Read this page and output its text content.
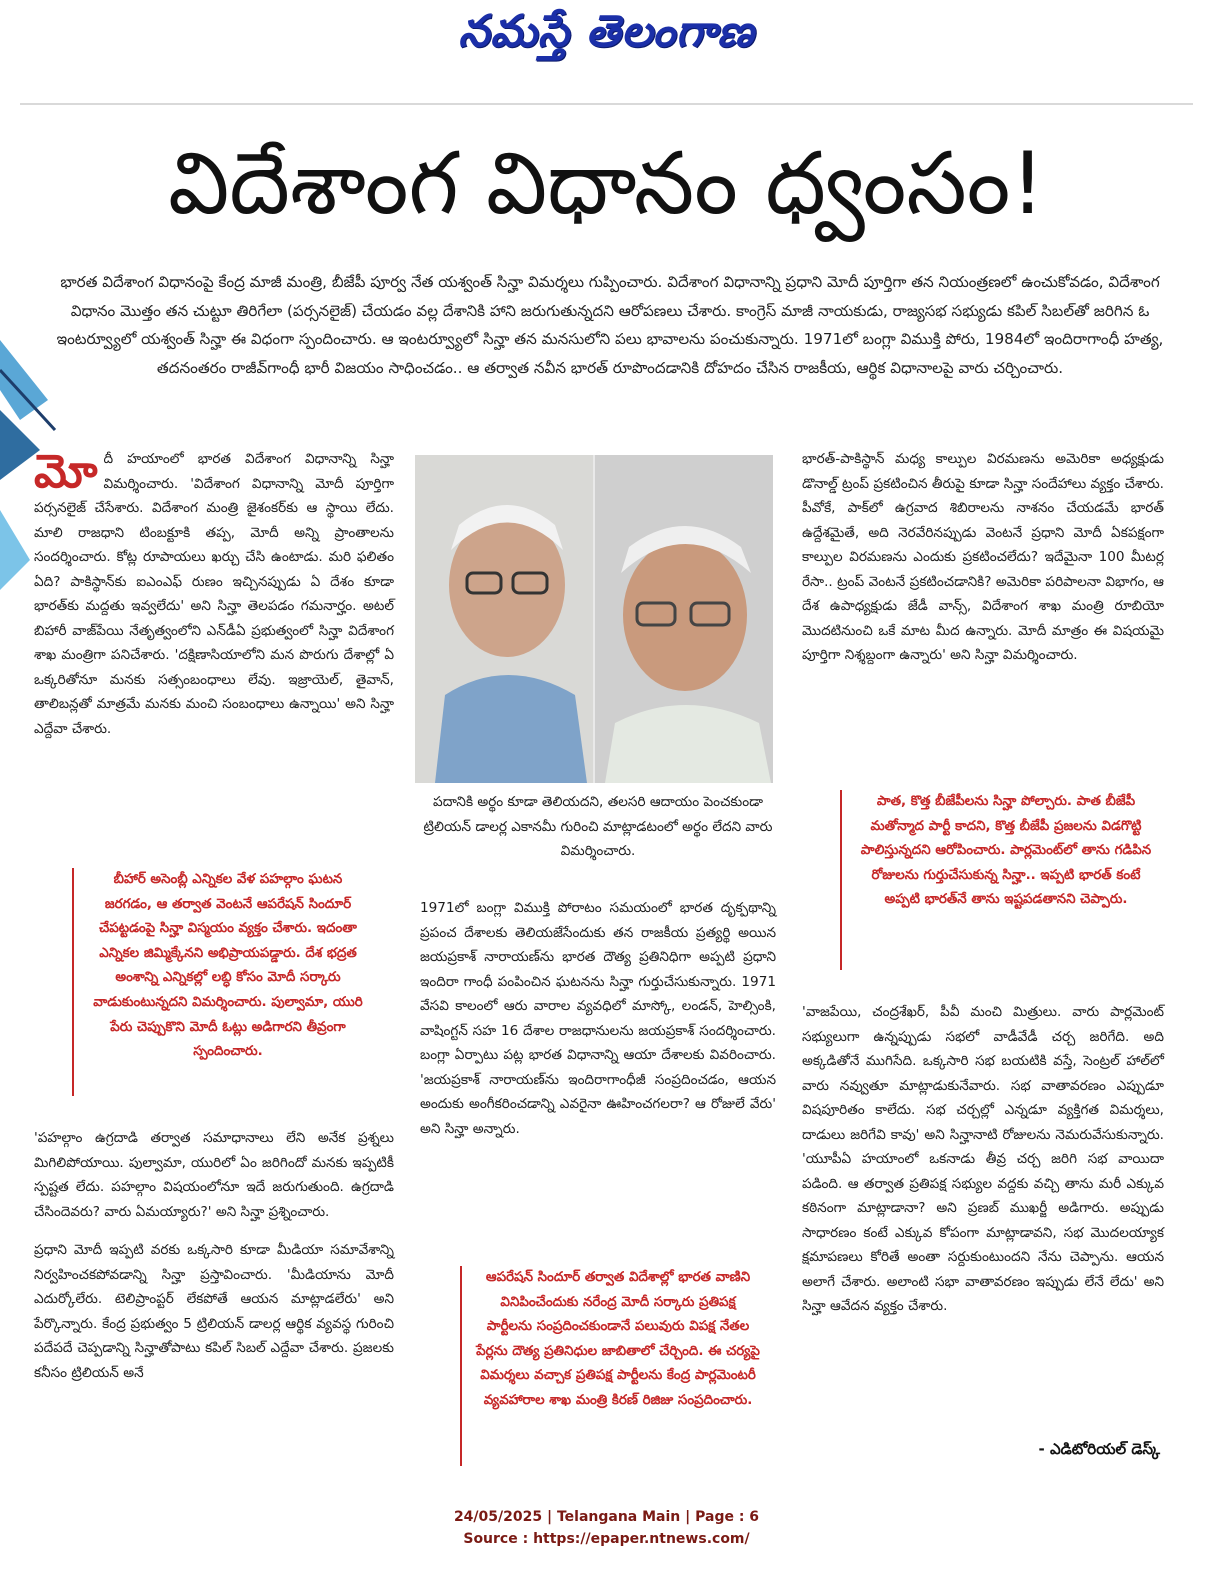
నమస్తే తెలంగాణ
విదేశాంగ విధానం ధ్వంసం!
భారత విదేశాంగ విధానంపై కేంద్ర మాజీ మంత్రి, బీజేపీ పూర్వ నేత యశ్వంత్ సిన్హా విమర్శలు గుప్పించారు. విదేశాంగ విధానాన్ని ప్రధాని మోదీ పూర్తిగా తన నియంత్రణలో ఉంచుకోవడం, విదేశాంగ విధానం మొత్తం తన చుట్టూ తిరిగేలా (పర్సనలైజ్) చేయడం వల్ల దేశానికి హాని జరుగుతున్నదని ఆరోపణలు చేశారు. కాంగ్రెస్ మాజీ నాయకుడు, రాజ్యసభ సభ్యుడు కపిల్ సిబల్‌తో జరిగిన ఓ ఇంటర్వ్యూలో యశ్వంత్ సిన్హా ఈ విధంగా స్పందించారు. ఆ ఇంటర్వ్యూలో సిన్హా తన మనసులోని పలు భావాలను పంచుకున్నారు. 1971లో బంగ్లా విముక్తి పోరు, 1984లో ఇందిరాగాంధీ హత్య, తదనంతరం రాజీవ్‌గాంధీ భారీ విజయం సాధించడం.. ఆ తర్వాత నవీన భారత్ రూపొందడానికి దోహదం చేసిన రాజకీయ, ఆర్థిక విధానాలపై వారు చర్చించారు.

మోదీ హయాంలో భారత విదేశాంగ విధానాన్ని సిన్హా విమర్శించారు. 'విదేశాంగ విధానాన్ని మోదీ పూర్తిగా పర్సనలైజ్ చేసేశారు. విదేశాంగ మంత్రి జైశంకర్‌కు ఆ స్థాయి లేదు. మాలి రాజధాని టింబక్టూకి తప్ప, మోదీ అన్ని ప్రాంతాలను సందర్శించారు. కోట్ల రూపాయలు ఖర్చు చేసి ఉంటాడు. మరి ఫలితం ఏది? పాకిస్థాన్‌కు ఐఎంఎఫ్ రుణం ఇచ్చినప్పుడు ఏ దేశం కూడా భారత్‌కు మద్దతు ఇవ్వలేదు' అని సిన్హా తెలపడం గమనార్హం. అటల్ బిహారీ వాజ్‌పేయి నేతృత్వంలోని ఎన్‌డీఏ ప్రభుత్వంలో సిన్హా విదేశాంగ శాఖ మంత్రిగా పనిచేశారు. 'దక్షిణాసియాలోని మన పొరుగు దేశాల్లో ఏ ఒక్కరితోనూ మనకు సత్సంబంధాలు లేవు. ఇజ్రాయెల్, తైవాన్, తాలిబన్లతో మాత్రమే మనకు మంచి సంబంధాలు ఉన్నాయి' అని సిన్హా ఎద్దేవా చేశారు.

బీహార్ అసెంబ్లీ ఎన్నికల వేళ పహల్గాం ఘటన జరగడం, ఆ తర్వాత వెంటనే ఆపరేషన్ సిందూర్ చేపట్టడంపై సిన్హా విస్మయం వ్యక్తం చేశారు. ఇదంతా ఎన్నికల జిమ్మిక్కేనని అభిప్రాయపడ్డారు. దేశ భద్రత అంశాన్ని ఎన్నికల్లో లబ్ధి కోసం మోదీ సర్కారు వాడుకుంటున్నదని విమర్శించారు. పుల్వామా, యురి పేరు చెప్పుకొని మోదీ ఓట్లు అడిగారని తీవ్రంగా స్పందించారు.

'పహల్గాం ఉగ్రదాడి తర్వాత సమాధానాలు లేని అనేక ప్రశ్నలు మిగిలిపోయాయి. పుల్వామా, యురిలో ఏం జరిగిందో మనకు ఇప్పటికీ స్పష్టత లేదు. పహల్గాం విషయంలోనూ ఇదే జరుగుతుంది. ఉగ్రదాడి చేసిందెవరు? వారు ఏమయ్యారు?' అని సిన్హా ప్రశ్నించారు.

ప్రధాని మోదీ ఇప్పటి వరకు ఒక్కసారి కూడా మీడియా సమావేశాన్ని నిర్వహించకపోవడాన్ని సిన్హా ప్రస్తావించారు. 'మీడియాను మోదీ ఎదుర్కోలేరు. టెలిప్రాంప్టర్ లేకపోతే ఆయన మాట్లాడలేరు' అని పేర్కొన్నారు. కేంద్ర ప్రభుత్వం 5 ట్రిలియన్ డాలర్ల ఆర్థిక వ్యవస్థ గురించి పదేపదే చెప్పడాన్ని సిన్హాతోపాటు కపిల్ సిబల్ ఎద్దేవా చేశారు. ప్రజలకు కనీసం ట్రిలియన్ అనే

పదానికి అర్థం కూడా తెలియదని, తలసరి ఆదాయం పెంచకుండా ట్రిలియన్ డాలర్ల ఎకానమీ గురించి మాట్లాడటంలో అర్థం లేదని వారు విమర్శించారు.

1971లో బంగ్లా విముక్తి పోరాటం సమయంలో భారత దృక్పథాన్ని ప్రపంచ దేశాలకు తెలియజేసేందుకు తన రాజకీయ ప్రత్యర్థి అయిన జయప్రకాశ్ నారాయణ్‌ను భారత దౌత్య ప్రతినిధిగా అప్పటి ప్రధాని ఇందిరా గాంధీ పంపించిన ఘటనను సిన్హా గుర్తుచేసుకున్నారు. 1971 వేసవి కాలంలో ఆరు వారాల వ్యవధిలో మాస్కో, లండన్, హెల్సింకి, వాషింగ్టన్ సహ 16 దేశాల రాజధానులను జయప్రకాశ్ సందర్శించారు. బంగ్లా ఏర్పాటు పట్ల భారత విధానాన్ని ఆయా దేశాలకు వివరించారు. 'జయప్రకాశ్ నారాయణ్‌ను ఇందిరాగాంధీజీ సంప్రదించడం, ఆయన అందుకు అంగీకరించడాన్ని ఎవరైనా ఊహించగలరా? ఆ రోజులే వేరు' అని సిన్హా అన్నారు.

ఆపరేషన్ సిందూర్ తర్వాత విదేశాల్లో భారత వాణిని వినిపించేందుకు నరేంద్ర మోదీ సర్కారు ప్రతిపక్ష పార్టీలను సంప్రదించకుండానే పలువురు విపక్ష నేతల పేర్లను దౌత్య ప్రతినిధుల జాబితాలో చేర్చింది. ఈ చర్యపై విమర్శలు వచ్చాక ప్రతిపక్ష పార్టీలను కేంద్ర పార్లమెంటరీ వ్యవహారాల శాఖ మంత్రి కిరణ్ రిజిజు సంప్రదించారు.

భారత్-పాకిస్థాన్ మధ్య కాల్పుల విరమణను అమెరికా అధ్యక్షుడు డొనాల్డ్ ట్రంప్ ప్రకటించిన తీరుపై కూడా సిన్హా సందేహాలు వ్యక్తం చేశారు. పీవోకే, పాక్‌లో ఉగ్రవాద శిబిరాలను నాశనం చేయడమే భారత్ ఉద్దేశమైతే, అది నెరవేరినప్పుడు వెంటనే ప్రధాని మోదీ ఏకపక్షంగా కాల్పుల విరమణను ఎందుకు ప్రకటించలేదు? ఇదేమైనా 100 మీటర్ల రేసా.. ట్రంప్ వెంటనే ప్రకటించడానికి? అమెరికా పరిపాలనా విభాగం, ఆ దేశ ఉపాధ్యక్షుడు జేడీ వాన్స్, విదేశాంగ శాఖ మంత్రి రూబియో మొదటినుంచి ఒకే మాట మీద ఉన్నారు. మోదీ మాత్రం ఈ విషయమై పూర్తిగా నిశ్శబ్దంగా ఉన్నారు' అని సిన్హా విమర్శించారు.

పాత, కొత్త బీజేపీలను సిన్హా పోల్చారు. పాత బీజేపీ మతోన్మాద పార్టీ కాదని, కొత్త బీజేపీ ప్రజలను విడగొట్టి పాలిస్తున్నదని ఆరోపించారు. పార్లమెంట్‌లో తాను గడిపిన రోజులను గుర్తుచేసుకున్న సిన్హా.. ఇప్పటి భారత్ కంటే అప్పటి భారత్‌నే తాను ఇష్టపడతానని చెప్పారు.

'వాజపేయి, చంద్రశేఖర్, పీవీ మంచి మిత్రులు. వారు పార్లమెంట్ సభ్యులుగా ఉన్నప్పుడు సభలో వాడీవేడీ చర్చ జరిగేది. అది అక్కడితోనే ముగిసేది. ఒక్కసారి సభ బయటికి వస్తే, సెంట్రల్ హాల్‌లో వారు నవ్వుతూ మాట్లాడుకునేవారు. సభ వాతావరణం ఎప్పుడూ విషపూరితం కాలేదు. సభ చర్చల్లో ఎన్నడూ వ్యక్తిగత విమర్శలు, దాడులు జరిగేవి కావు' అని సిన్హానాటి రోజులను నెమరువేసుకున్నారు. 'యూపీఏ హయాంలో ఒకనాడు తీవ్ర చర్చ జరిగి సభ వాయిదా పడింది. ఆ తర్వాత ప్రతిపక్ష సభ్యుల వద్దకు వచ్చి తాను మరీ ఎక్కువ కఠినంగా మాట్లాడానా? అని ప్రణబ్ ముఖర్జీ అడిగారు. అప్పుడు సాధారణం కంటే ఎక్కువ కోపంగా మాట్లాడావని, సభ మొదలయ్యాక క్షమాపణలు కోరితే అంతా సర్దుకుంటుందని నేను చెప్పాను. ఆయన అలాగే చేశారు. అలాంటి సభా వాతావరణం ఇప్పుడు లేనే లేదు' అని సిన్హా ఆవేదన వ్యక్తం చేశారు.

- ఎడిటోరియల్ డెస్క్
24/05/2025 | Telangana Main | Page : 6
Source : https://epaper.ntnews.com/
